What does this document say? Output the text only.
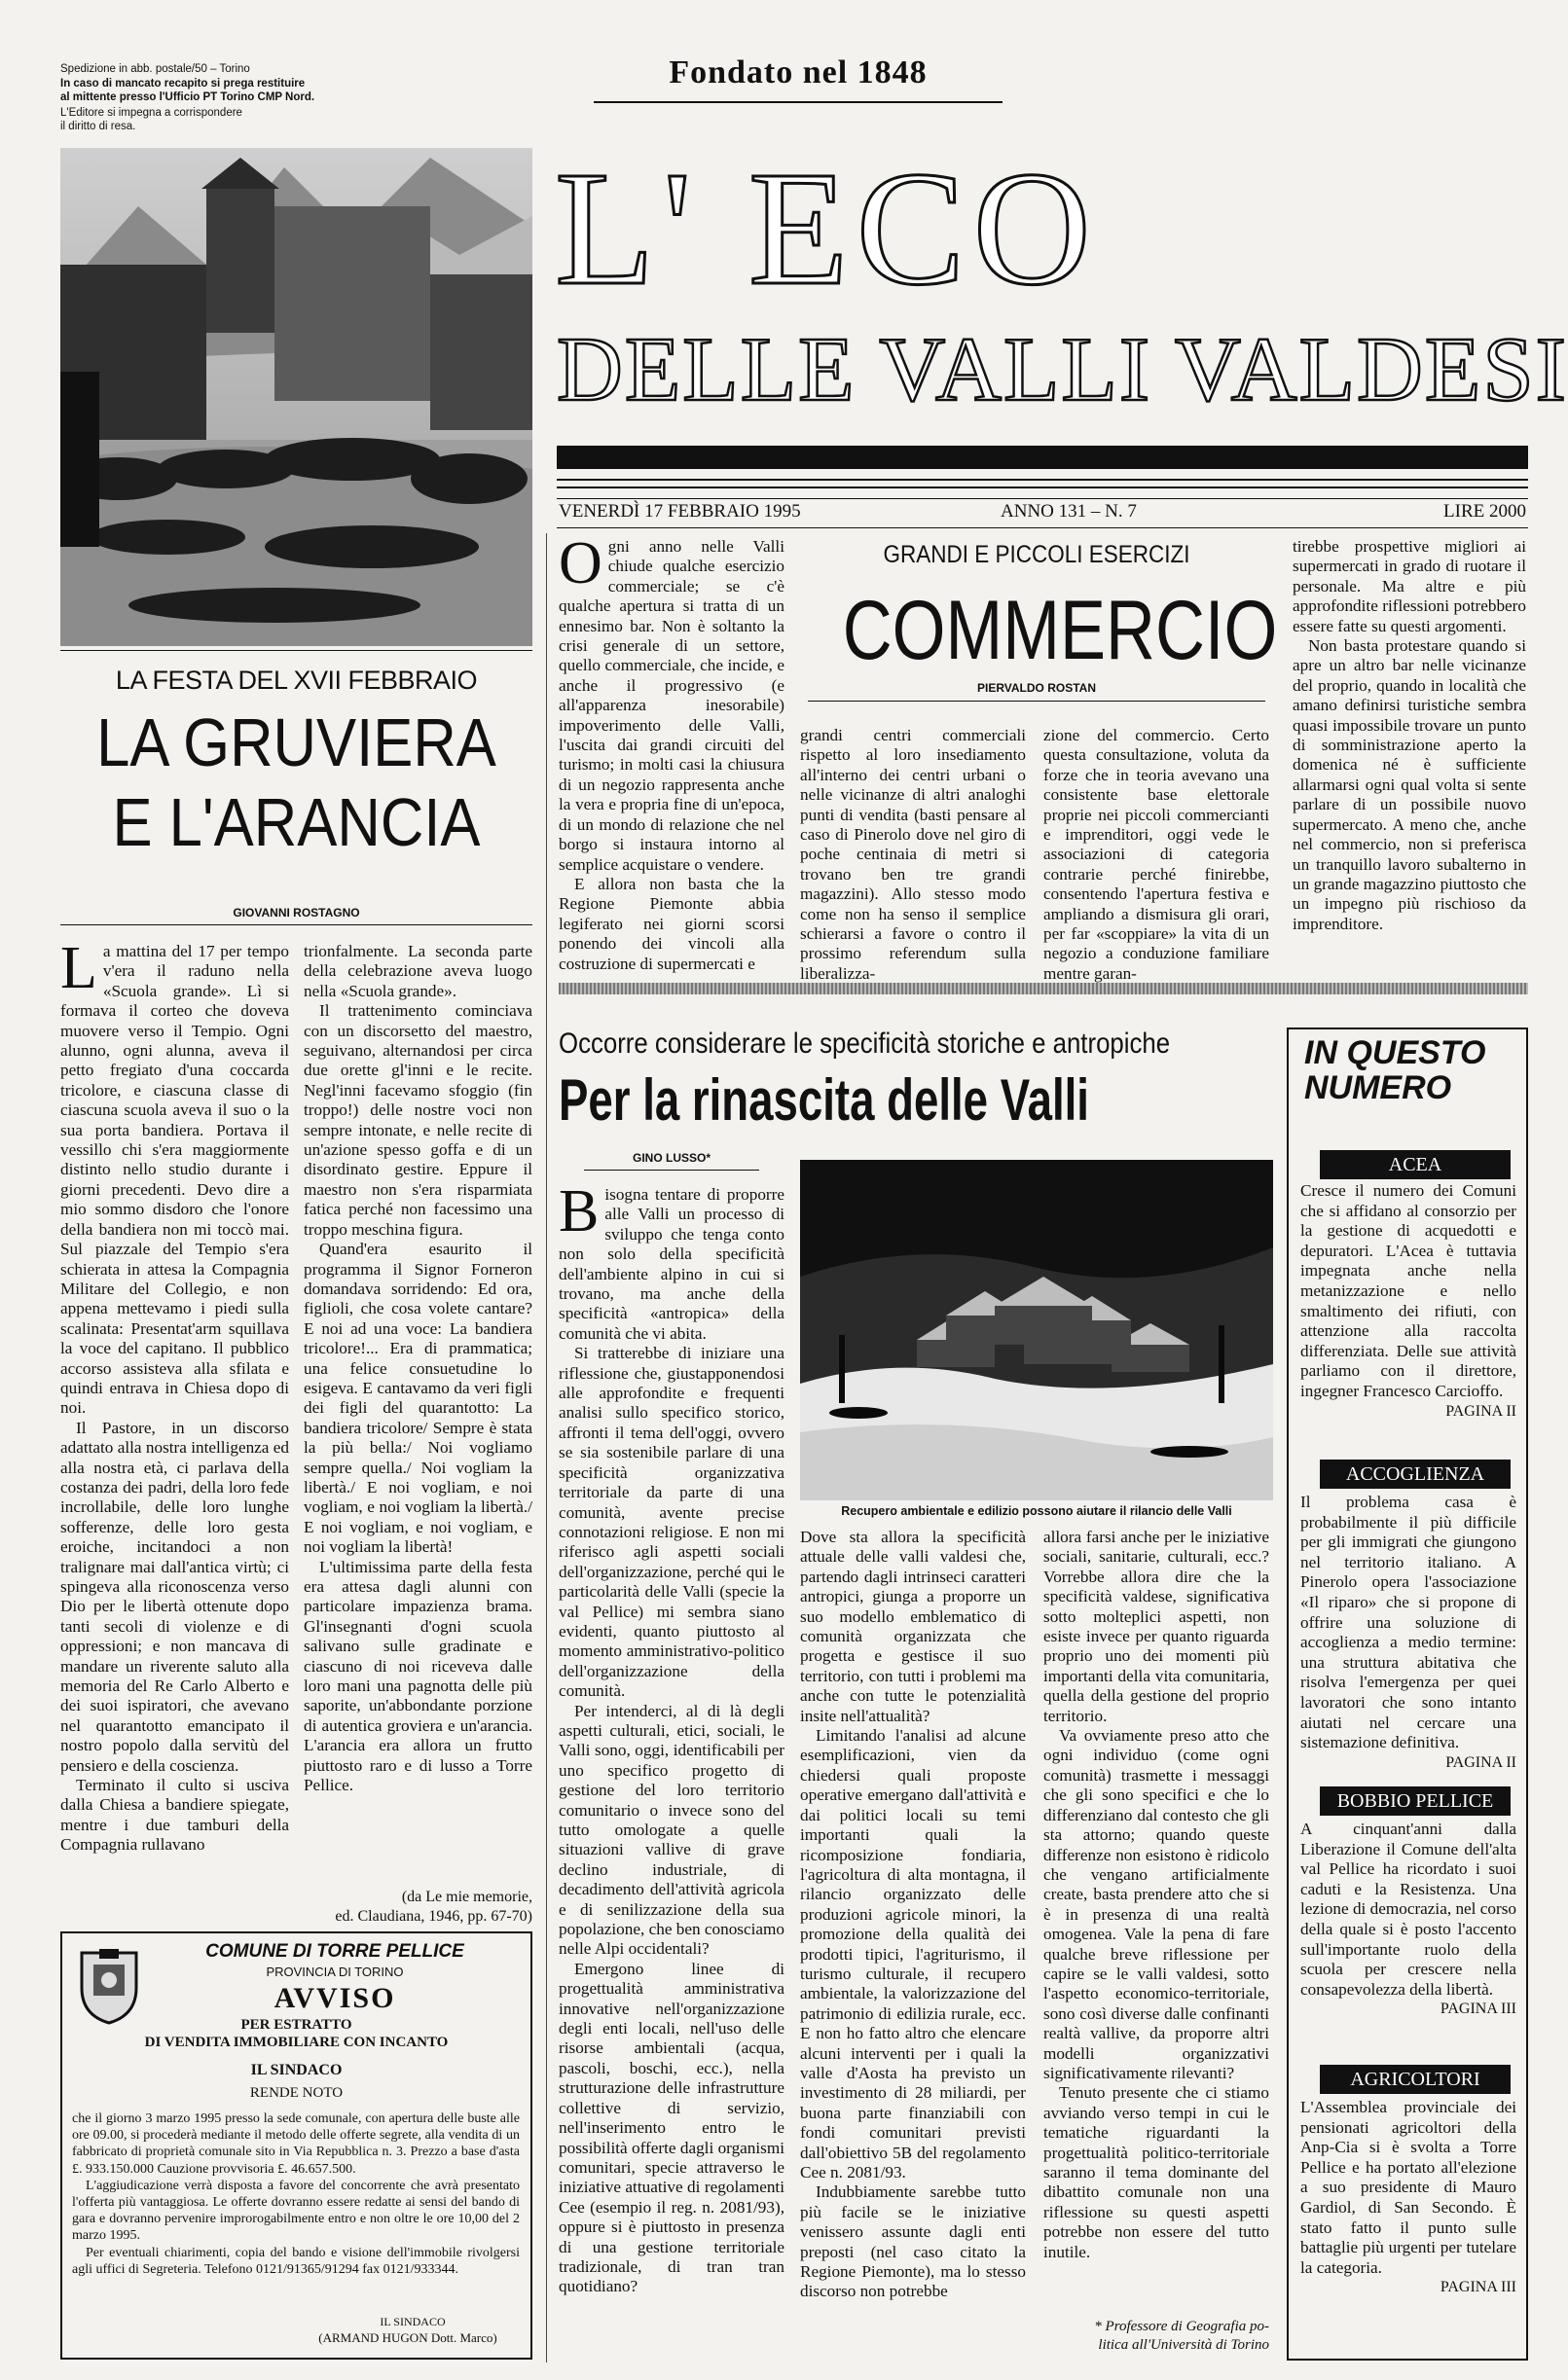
Spedizione in abb. postale/50 – Torino
In caso di mancato recapito si prega restituire
al mittente presso l'Ufficio PT Torino CMP Nord.
L'Editore si impegna a corrispondere
il diritto di resa.
Fondato nel 1848
L' ECO
DELLE VALLI VALDESI
VENERDÌ 17 FEBBRAIO 1995	ANNO 131 – N. 7	LIRE 2000
LA FESTA DEL XVII FEBBRAIO
LA GRUVIERA
E L'ARANCIA
GIOVANNI ROSTAGNO

La mattina del 17 per tempo v'era il raduno nella «Scuola grande». Lì si formava il corteo che doveva muovere verso il Tempio. Ogni alunno, ogni alunna, aveva il petto fregiato d'una coccarda tricolore, e ciascuna classe di ciascuna scuola aveva il suo o la sua porta bandiera. Portava il vessillo chi s'era maggiormente distinto nello studio durante i giorni precedenti. Devo dire a mio sommo disdoro che l'onore della bandiera non mi toccò mai. Sul piazzale del Tempio s'era schierata in attesa la Compagnia Militare del Collegio, e non appena mettevamo i piedi sulla scalinata: Presentat'arm squillava la voce del capitano. Il pubblico accorso assisteva alla sfilata e quindi entrava in Chiesa dopo di noi.

Il Pastore, in un discorso adattato alla nostra intelligenza ed alla nostra età, ci parlava della costanza dei padri, della loro fede incrollabile, delle loro lunghe sofferenze, delle loro gesta eroiche, incitandoci a non tralignare mai dall'antica virtù; ci spingeva alla riconoscenza verso Dio per le libertà ottenute dopo tanti secoli di violenze e di oppressioni; e non mancava di mandare un riverente saluto alla memoria del Re Carlo Alberto e dei suoi ispiratori, che avevano nel quarantotto emancipato il nostro popolo dalla servitù del pensiero e della coscienza.

Terminato il culto si usciva dalla Chiesa a bandiere spiegate, mentre i due tamburi della Compagnia rullavano

trionfalmente. La seconda parte della celebrazione aveva luogo nella «Scuola grande».

Il trattenimento cominciava con un discorsetto del maestro, seguivano, alternandosi per circa due orette gl'inni e le recite. Negl'inni facevamo sfoggio (fin troppo!) delle nostre voci non sempre intonate, e nelle recite di un'azione spesso goffa e di un disordinato gestire. Eppure il maestro non s'era risparmiata fatica perché non facessimo una troppo meschina figura.

Quand'era esaurito il programma il Signor Forneron domandava sorridendo: Ed ora, figlioli, che cosa volete cantare? E noi ad una voce: La bandiera tricolore!... Era di prammatica; una felice consuetudine lo esigeva. E cantavamo da veri figli dei figli del quarantotto: La bandiera tricolore/ Sempre è stata la più bella:/ Noi vogliamo sempre quella./ Noi vogliam la libertà./ E noi vogliam, e noi vogliam, e noi vogliam la libertà./ E noi vogliam, e noi vogliam, e noi vogliam la libertà!

L'ultimissima parte della festa era attesa dagli alunni con particolare impazienza brama. Gl'insegnanti d'ogni scuola salivano sulle gradinate e ciascuno di noi riceveva dalle loro mani una pagnotta delle più saporite, un'abbondante porzione di autentica groviera e un'arancia. L'arancia era allora un frutto piuttosto raro e di lusso a Torre Pellice.

(da Le mie memorie,
ed. Claudiana, 1946, pp. 67-70)
COMUNE DI TORRE PELLICE
PROVINCIA DI TORINO
AVVISO
PER ESTRATTO
DI VENDITA IMMOBILIARE CON INCANTO
IL SINDACO
RENDE NOTO
che il giorno 3 marzo 1995 presso la sede comunale, con apertura delle buste alle ore 09.00, si procederà mediante il metodo delle offerte segrete, alla vendita di un fabbricato di proprietà comunale sito in Via Repubblica n. 3. Prezzo a base d'asta £. 933.150.000 Cauzione provvisoria £. 46.657.500.
L'aggiudicazione verrà disposta a favore del concorrente che avrà presentato l'offerta più vantaggiosa. Le offerte dovranno essere redatte ai sensi del bando di gara e dovranno pervenire improrogabilmente entro e non oltre le ore 10,00 del 2 marzo 1995.
Per eventuali chiarimenti, copia del bando e visione dell'immobile rivolgersi agli uffici di Segreteria. Telefono 0121/91365/91294 fax 0121/933344.
IL SINDACO
(ARMAND HUGON Dott. Marco)

Ogni anno nelle Valli chiude qualche esercizio commerciale; se c'è qualche apertura si tratta di un ennesimo bar. Non è soltanto la crisi generale di un settore, quello commerciale, che incide, e anche il progressivo (e all'apparenza inesorabile) impoverimento delle Valli, l'uscita dai grandi circuiti del turismo; in molti casi la chiusura di un negozio rappresenta anche la vera e propria fine di un'epoca, di un mondo di relazione che nel borgo si instaura intorno al semplice acquistare o vendere.

E allora non basta che la Regione Piemonte abbia legiferato nei giorni scorsi ponendo dei vincoli alla costruzione di supermercati e

GRANDI E PICCOLI ESERCIZI
COMMERCIO
PIERVALDO ROSTAN

grandi centri commerciali rispetto al loro insediamento all'interno dei centri urbani o nelle vicinanze di altri analoghi punti di vendita (basti pensare al caso di Pinerolo dove nel giro di poche centinaia di metri si trovano ben tre grandi magazzini). Allo stesso modo come non ha senso il semplice schierarsi a favore o contro il prossimo referendum sulla liberalizza-

zione del commercio. Certo questa consultazione, voluta da forze che in teoria avevano una consistente base elettorale proprie nei piccoli commercianti e imprenditori, oggi vede le associazioni di categoria contrarie perché finirebbe, consentendo l'apertura festiva e ampliando a dismisura gli orari, per far «scoppiare» la vita di un negozio a conduzione familiare mentre garan-

tirebbe prospettive migliori ai supermercati in grado di ruotare il personale. Ma altre e più approfondite riflessioni potrebbero essere fatte su questi argomenti.

Non basta protestare quando si apre un altro bar nelle vicinanze del proprio, quando in località che amano definirsi turistiche sembra quasi impossibile trovare un punto di somministrazione aperto la domenica né è sufficiente allarmarsi ogni qual volta si sente parlare di un possibile nuovo supermercato. A meno che, anche nel commercio, non si preferisca un tranquillo lavoro subalterno in un grande magazzino piuttosto che un impegno più rischioso da imprenditore.

Occorre considerare le specificità storiche e antropiche
Per la rinascita delle Valli
GINO LUSSO*

Bisogna tentare di proporre alle Valli un processo di sviluppo che tenga conto non solo della specificità dell'ambiente alpino in cui si trovano, ma anche della specificità «antropica» della comunità che vi abita.

Si tratterebbe di iniziare una riflessione che, giustapponendosi alle approfondite e frequenti analisi sullo specifico storico, affronti il tema dell'oggi, ovvero se sia sostenibile parlare di una specificità organizzativa territoriale da parte di una comunità, avente precise connotazioni religiose. E non mi riferisco agli aspetti sociali dell'organizzazione, perché qui le particolarità delle Valli (specie la val Pellice) mi sembra siano evidenti, quanto piuttosto al momento amministrativo-politico dell'organizzazione della comunità.

Per intenderci, al di là degli aspetti culturali, etici, sociali, le Valli sono, oggi, identificabili per uno specifico progetto di gestione del loro territorio comunitario o invece sono del tutto omologate a quelle situazioni vallive di grave declino industriale, di decadimento dell'attività agricola e di senilizzazione della sua popolazione, che ben conosciamo nelle Alpi occidentali?

Emergono linee di progettualità amministrativa innovative nell'organizzazione degli enti locali, nell'uso delle risorse ambientali (acqua, pascoli, boschi, ecc.), nella strutturazione delle infrastrutture collettive di servizio, nell'inserimento entro le possibilità offerte dagli organismi comunitari, specie attraverso le iniziative attuative di regolamenti Cee (esempio il reg. n. 2081/93), oppure si è piuttosto in presenza di una gestione territoriale tradizionale, di tran tran quotidiano?

Recupero ambientale e edilizio possono aiutare il rilancio delle Valli

Dove sta allora la specificità attuale delle valli valdesi che, partendo dagli intrinseci caratteri antropici, giunga a proporre un suo modello emblematico di comunità organizzata che progetta e gestisce il suo territorio, con tutti i problemi ma anche con tutte le potenzialità insite nell'attualità?

Limitando l'analisi ad alcune esemplificazioni, vien da chiedersi quali proposte operative emergano dall'attività e dai politici locali su temi importanti quali la ricomposizione fondiaria, l'agricoltura di alta montagna, il rilancio organizzato delle produzioni agricole minori, la promozione della qualità dei prodotti tipici, l'agriturismo, il turismo culturale, il recupero ambientale, la valorizzazione del patrimonio di edilizia rurale, ecc. E non ho fatto altro che elencare alcuni interventi per i quali la valle d'Aosta ha previsto un investimento di 28 miliardi, per buona parte finanziabili con fondi comunitari previsti dall'obiettivo 5B del regolamento Cee n. 2081/93.

Indubbiamente sarebbe tutto più facile se le iniziative venissero assunte dagli enti preposti (nel caso citato la Regione Piemonte), ma lo stesso discorso non potrebbe

allora farsi anche per le iniziative sociali, sanitarie, culturali, ecc.? Vorrebbe allora dire che la specificità valdese, significativa sotto molteplici aspetti, non esiste invece per quanto riguarda proprio uno dei momenti più importanti della vita comunitaria, quella della gestione del proprio territorio.

Va ovviamente preso atto che ogni individuo (come ogni comunità) trasmette i messaggi che gli sono specifici e che lo differenziano dal contesto che gli sta attorno; quando queste differenze non esistono è ridicolo che vengano artificialmente create, basta prendere atto che si è in presenza di una realtà omogenea. Vale la pena di fare qualche breve riflessione per capire se le valli valdesi, sotto l'aspetto economico-territoriale, sono così diverse dalle confinanti realtà vallive, da proporre altri modelli organizzativi significativamente rilevanti?

Tenuto presente che ci stiamo avviando verso tempi in cui le tematiche riguardanti la progettualità politico-territoriale saranno il tema dominante del dibattito comunale non una riflessione su questi aspetti potrebbe non essere del tutto inutile.

* Professore di Geografia po-
litica all'Università di Torino
IN QUESTO
NUMERO
ACEA

Cresce il numero dei Comuni che si affidano al consorzio per la gestione di acquedotti e depuratori. L'Acea è tuttavia impegnata anche nella metanizzazione e nello smaltimento dei rifiuti, con attenzione alla raccolta differenziata. Delle sue attività parliamo con il direttore, ingegner Francesco Carcioffo.

PAGINA II
ACCOGLIENZA

Il problema casa è probabilmente il più difficile per gli immigrati che giungono nel territorio italiano. A Pinerolo opera l'associazione «Il riparo» che si propone di offrire una soluzione di accoglienza a medio termine: una struttura abitativa che risolva l'emergenza per quei lavoratori che sono intanto aiutati nel cercare una sistemazione definitiva.

PAGINA II
BOBBIO PELLICE

A cinquant'anni dalla Liberazione il Comune dell'alta val Pellice ha ricordato i suoi caduti e la Resistenza. Una lezione di democrazia, nel corso della quale si è posto l'accento sull'importante ruolo della scuola per crescere nella consapevolezza della libertà.

PAGINA III
AGRICOLTORI

L'Assemblea provinciale dei pensionati agricoltori della Anp-Cia si è svolta a Torre Pellice e ha portato all'elezione a suo presidente di Mauro Gardiol, di San Secondo. È stato fatto il punto sulle battaglie più urgenti per tutelare la categoria.

PAGINA III
